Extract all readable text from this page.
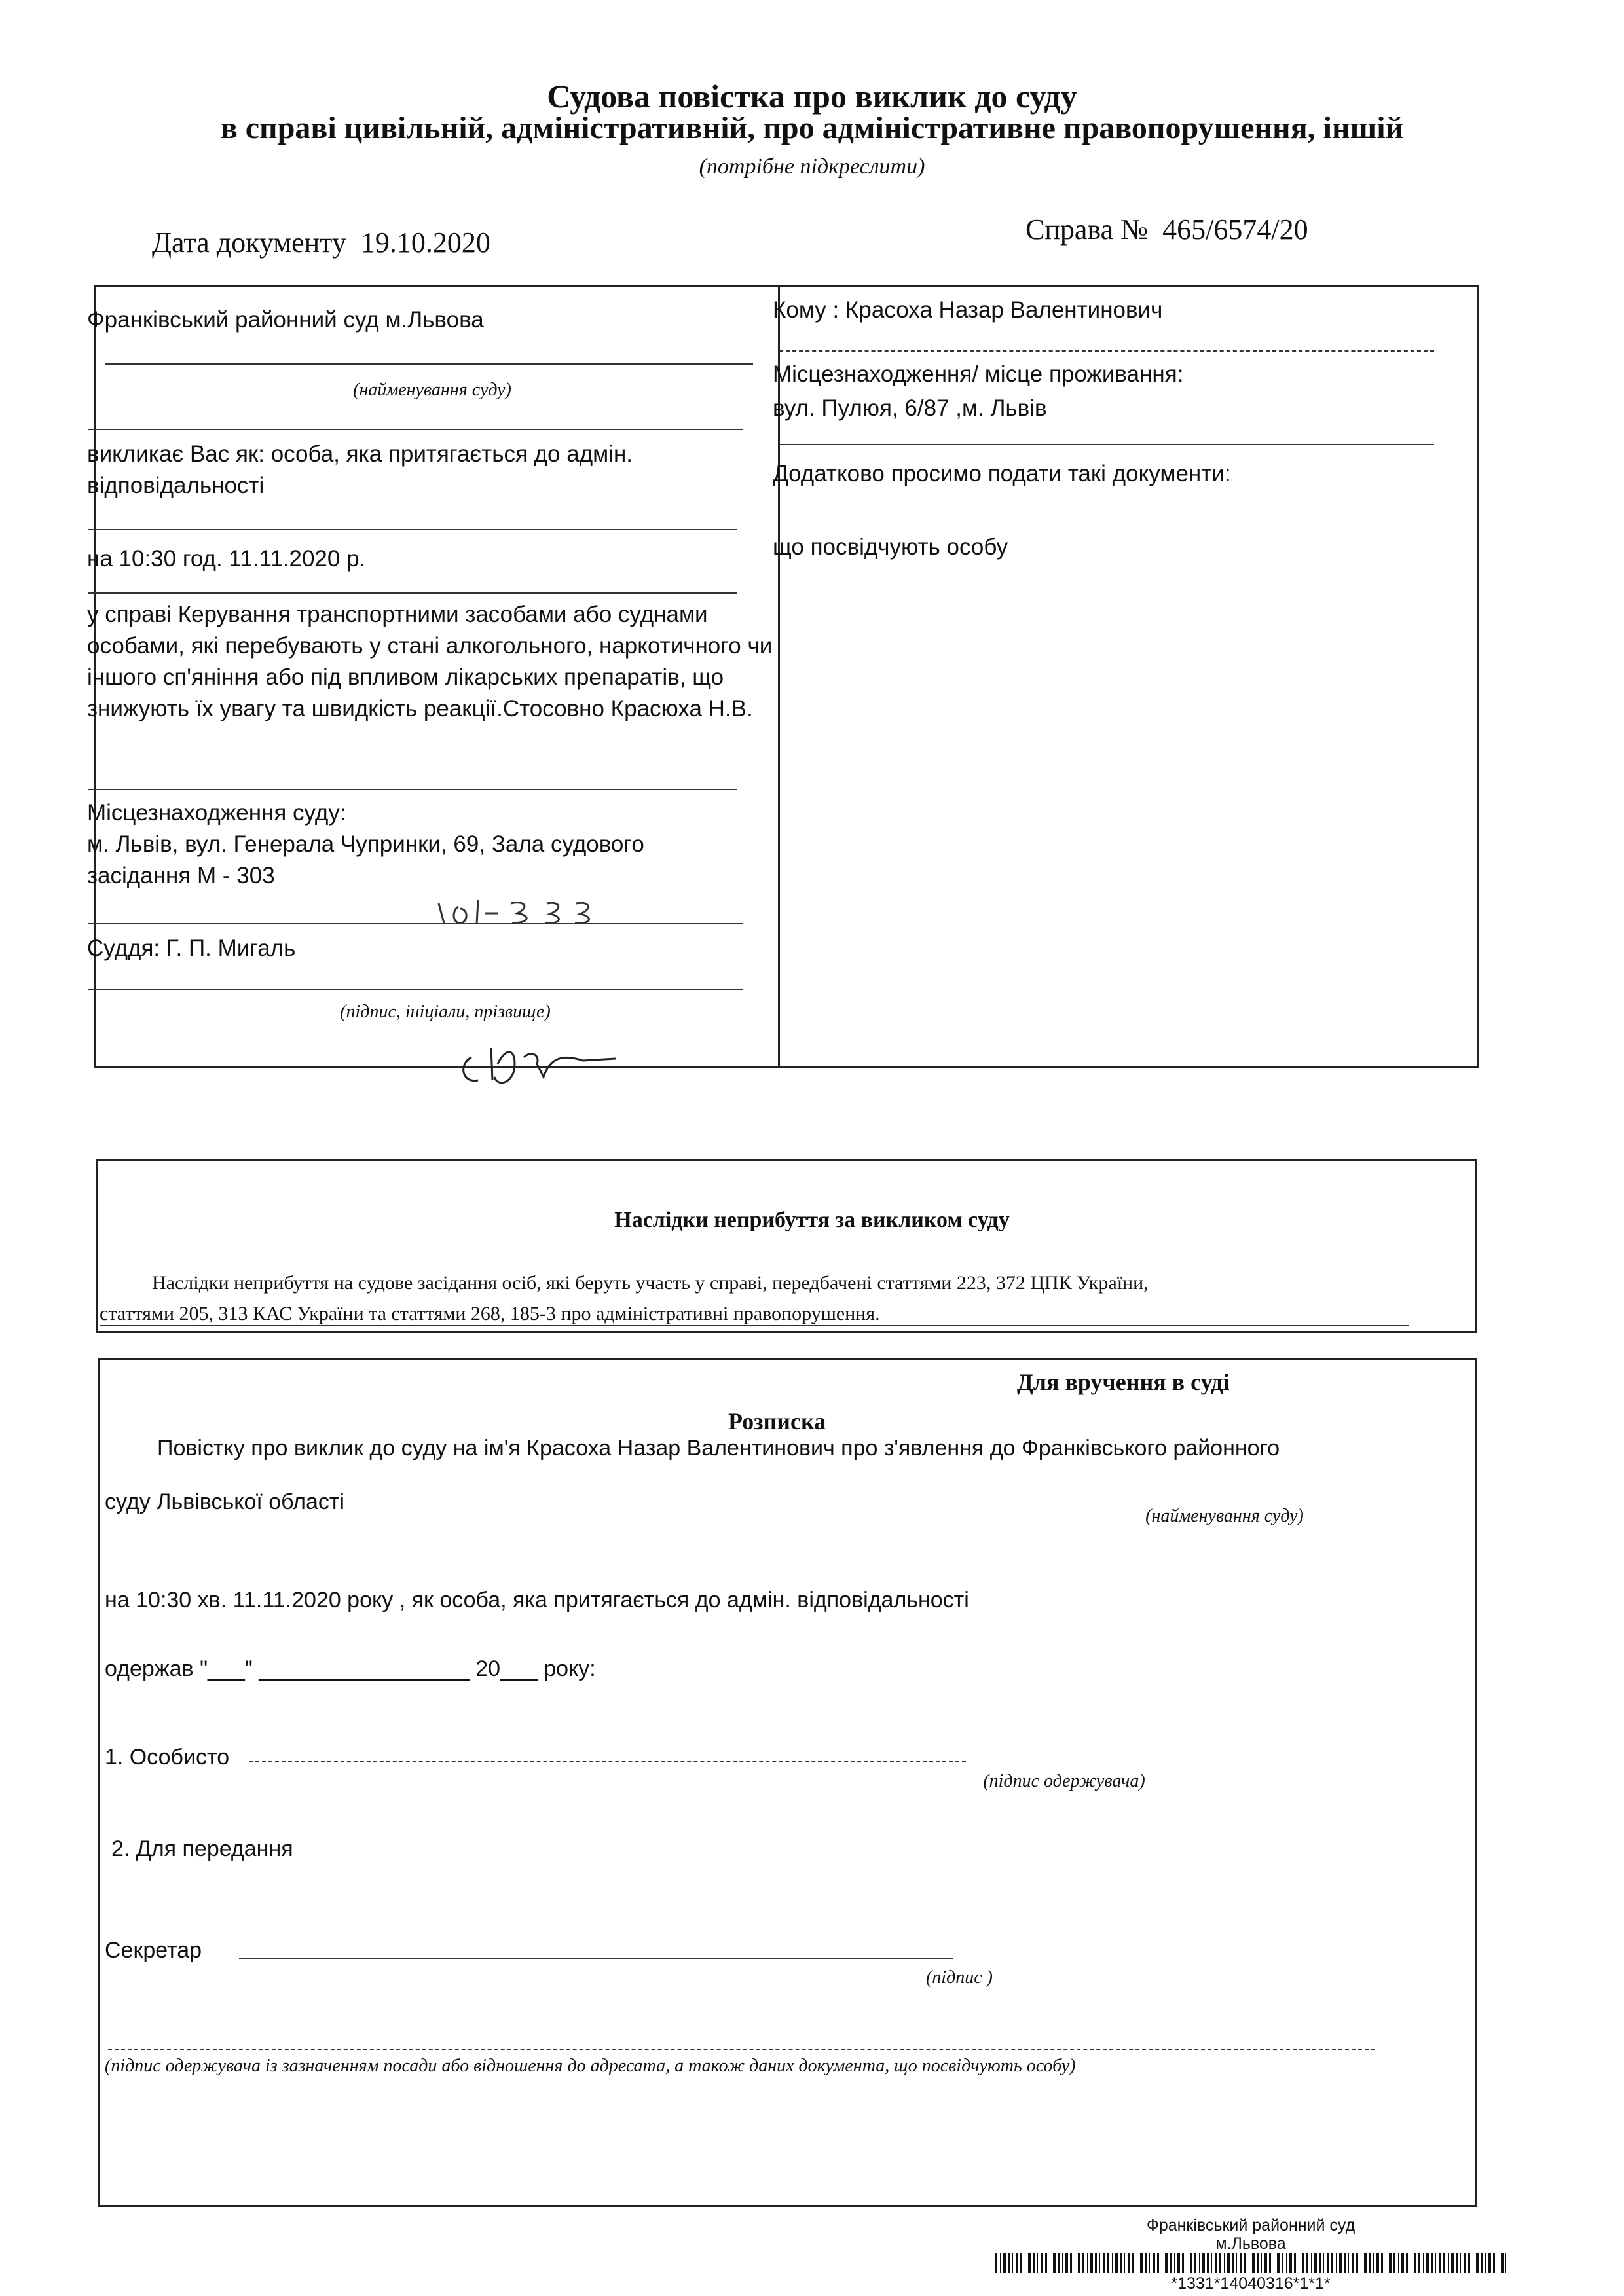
Судова повістка про виклик до суду
в справі цивільній, адміністративній, про адміністративне правопорушення, іншій
(потрібне підкреслити)
Дата документу 19.10.2020	Справа № 465/6574/20
Франківський районний суд м.Львова
(найменування суду)
викликає Вас як: особа, яка притягається до адмін. відповідальності
на 10:30 год. 11.11.2020 р.
у справі Керування транспортними засобами або суднами особами, які перебувають у стані алкогольного, наркотичного чи іншого сп'яніння або під впливом лікарських препаратів, що знижують їх увагу та швидкість реакції.Стосовно Красюха Н.В.
Місцезнаходження суду:
м. Львів, вул. Генерала Чупринки, 69, Зала судового засідання М - 303
Суддя: Г. П. Мигаль
(підпис, ініціали, прізвище)
Кому : Красоха Назар Валентинович
Місцезнаходження/ місце проживання:
вул. Пулюя, 6/87 ,м. Львів
Додатково просимо подати такі документи:
що посвідчують особу
Наслідки неприбуття за викликом суду
Наслідки неприбуття на судове засідання осіб, які беруть участь у справі, передбачені статтями 223, 372 ЦПК України,
статтями 205, 313 КАС України та статтями 268, 185-3 про адміністративні правопорушення.
Для вручення в суді
Розписка
Повістку про виклик до суду на ім'я Красоха Назар Валентинович про з'явлення до Франківського районного
суду Львівської області
(найменування суду)
на 10:30 хв. 11.11.2020 року , як особа, яка притягається до адмін. відповідальності
одержав "___" _________________ 20___ року:
1. Особисто
(підпис одержувача)
2. Для передання
Секретар
(підпис )
(підпис одержувача із зазначенням посади або відношення до адресата, а також даних документа, що посвідчують особу)
Франківський районний суд
м.Львова
*1331*14040316*1*1*
